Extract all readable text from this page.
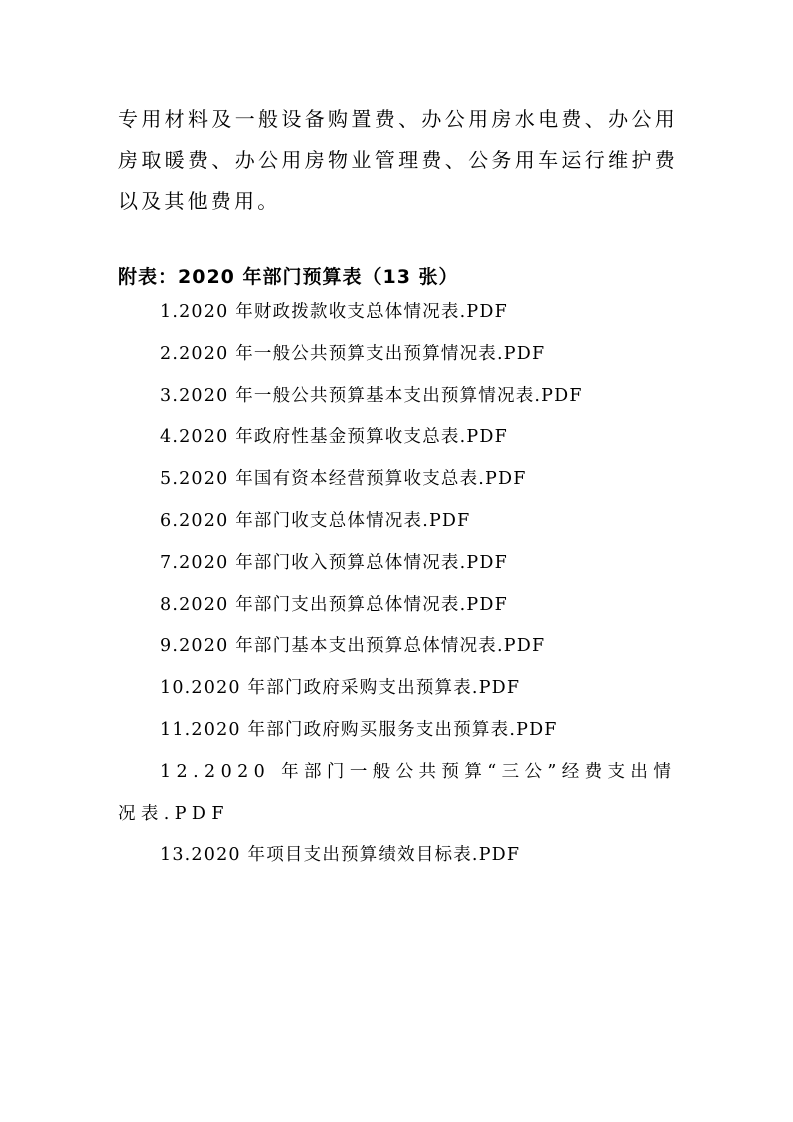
专用材料及一般设备购置费、办公用房水电费、办公用房取暖费、办公用房物业管理费、公务用车运行维护费以及其他费用。

附表：2020 年部门预算表（13 张）
1.2020 年财政拨款收支总体情况表.PDF
2.2020 年一般公共预算支出预算情况表.PDF
3.2020 年一般公共预算基本支出预算情况表.PDF
4.2020 年政府性基金预算收支总表.PDF
5.2020 年国有资本经营预算收支总表.PDF
6.2020 年部门收支总体情况表.PDF
7.2020 年部门收入预算总体情况表.PDF
8.2020 年部门支出预算总体情况表.PDF
9.2020 年部门基本支出预算总体情况表.PDF
10.2020 年部门政府采购支出预算表.PDF
11.2020 年部门政府购买服务支出预算表.PDF
12.2020 年部门一般公共预算“三公”经费支出情况表.PDF
13.2020 年项目支出预算绩效目标表.PDF
